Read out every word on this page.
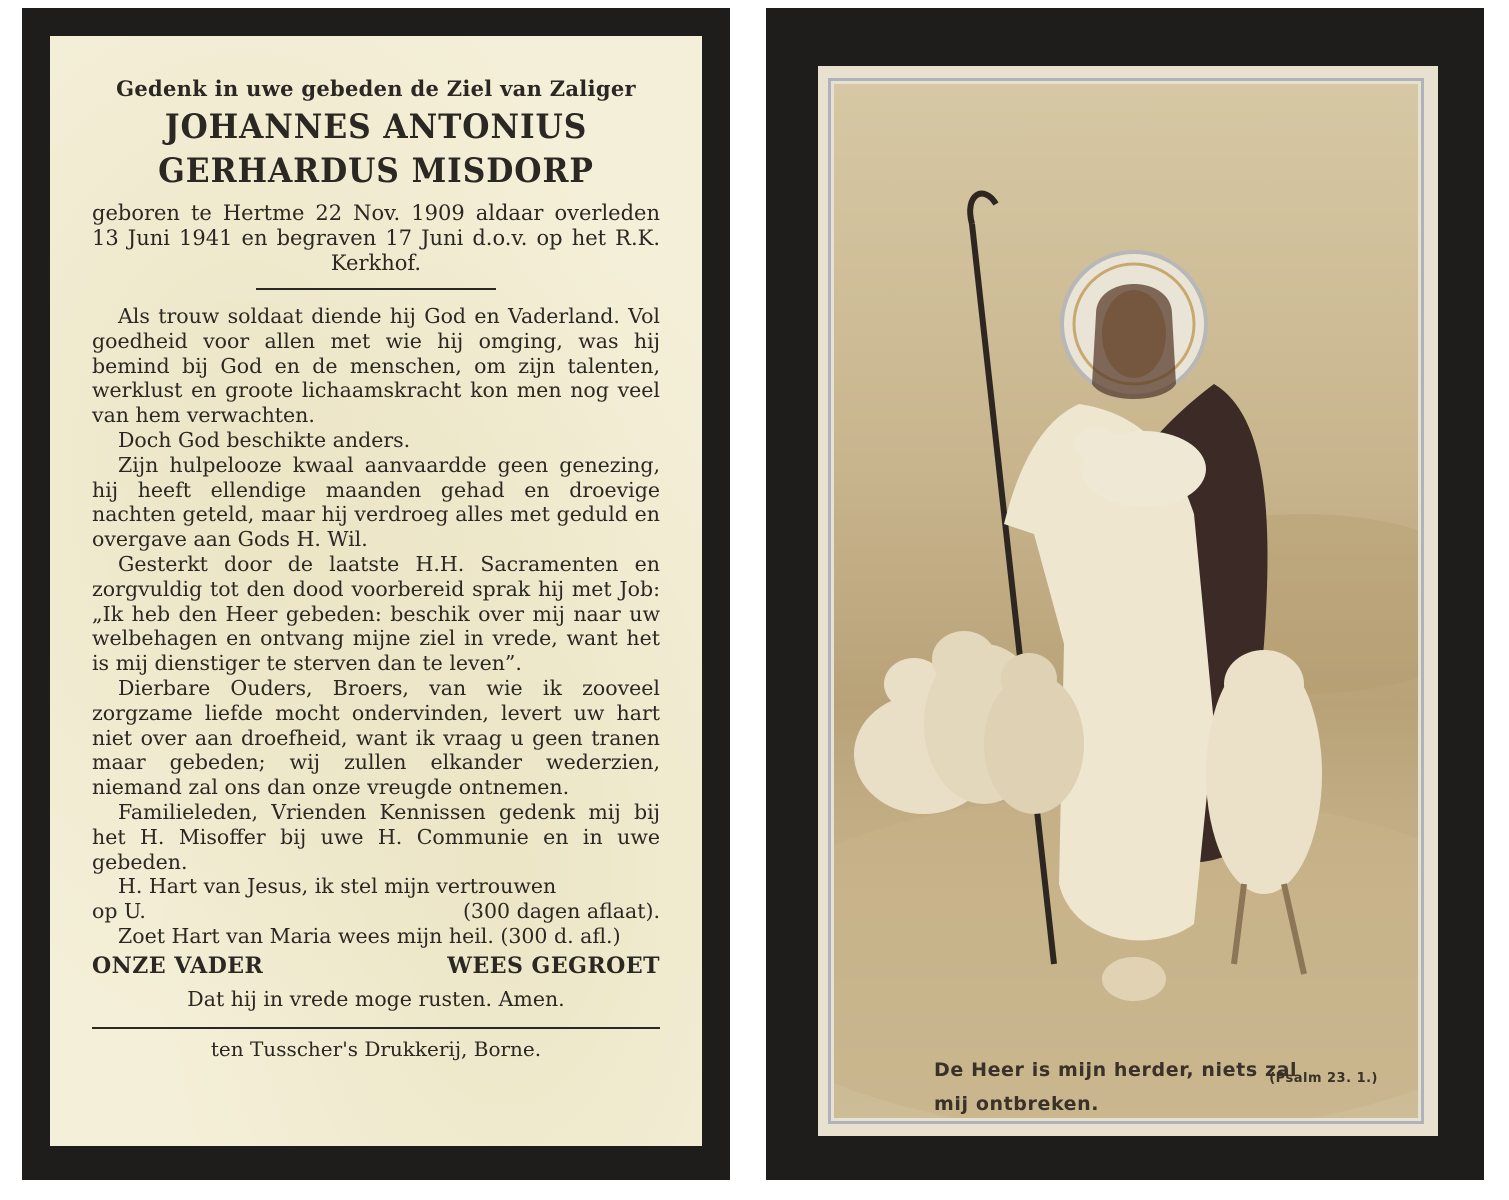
Gedenk in uwe gebeden de Ziel van Zaliger
JOHANNES ANTONIUS
GERHARDUS MISDORP
geboren te Hertme 22 Nov. 1909 aldaar overleden 13 Juni 1941 en begraven 17 Juni d.o.v. op het R.K. Kerkhof.

Als trouw soldaat diende hij God en Vaderland. Vol goedheid voor allen met wie hij omging, was hij bemind bij God en de menschen, om zijn talenten, werklust en groote lichaamskracht kon men nog veel van hem verwachten.

Doch God beschikte anders.

Zijn hulpelooze kwaal aanvaardde geen genezing, hij heeft ellendige maanden gehad en droevige nachten geteld, maar hij verdroeg alles met geduld en overgave aan Gods H. Wil.

Gesterkt door de laatste H.H. Sacramenten en zorgvuldig tot den dood voorbereid sprak hij met Job: „Ik heb den Heer gebeden: beschik over mij naar uw welbehagen en ontvang mijne ziel in vrede, want het is mij dienstiger te sterven dan te leven”.

Dierbare Ouders, Broers, van wie ik zooveel zorgzame liefde mocht ondervinden, levert uw hart niet over aan droefheid, want ik vraag u geen tranen maar gebeden; wij zullen elkander wederzien, niemand zal ons dan onze vreugde ontnemen.

Familieleden, Vrienden Kennissen gedenk mij bij het H. Misoffer bij uwe H. Communie en in uwe gebeden.

H. Hart van Jesus, ik stel mijn vertrouwen

op U.	(300 dagen aflaat).

Zoet Hart van Maria wees mijn heil. (300 d. afl.)

ONZE VADER	WEES GEGROET
Dat hij in vrede moge rusten. Amen.
ten Tusscher's Drukkerij, Borne.
De Heer is mijn herder, niets zal
mij ontbreken.
(Psalm 23. 1.)
